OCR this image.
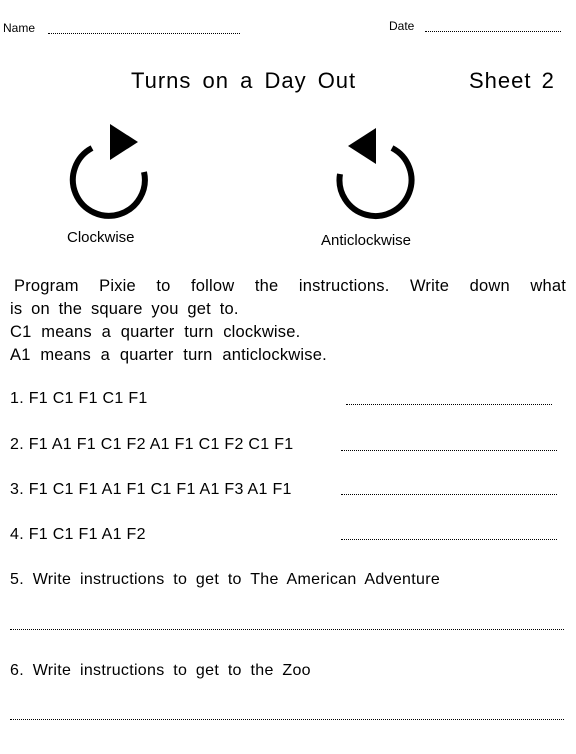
Name	Date
Turns on a Day Out	Sheet 2
Clockwise	Anticlockwise
Program Pixie to follow the instructions. Write down what
is on the square you get to.
C1 means a quarter turn clockwise.
A1 means a quarter turn anticlockwise.
1. F1 C1 F1 C1 F1
2. F1 A1 F1 C1 F2 A1 F1 C1 F2 C1 F1
3. F1 C1 F1 A1 F1 C1 F1 A1 F3 A1 F1
4. F1 C1 F1 A1 F2
5. Write instructions to get to The American Adventure
6. Write instructions to get to the Zoo
